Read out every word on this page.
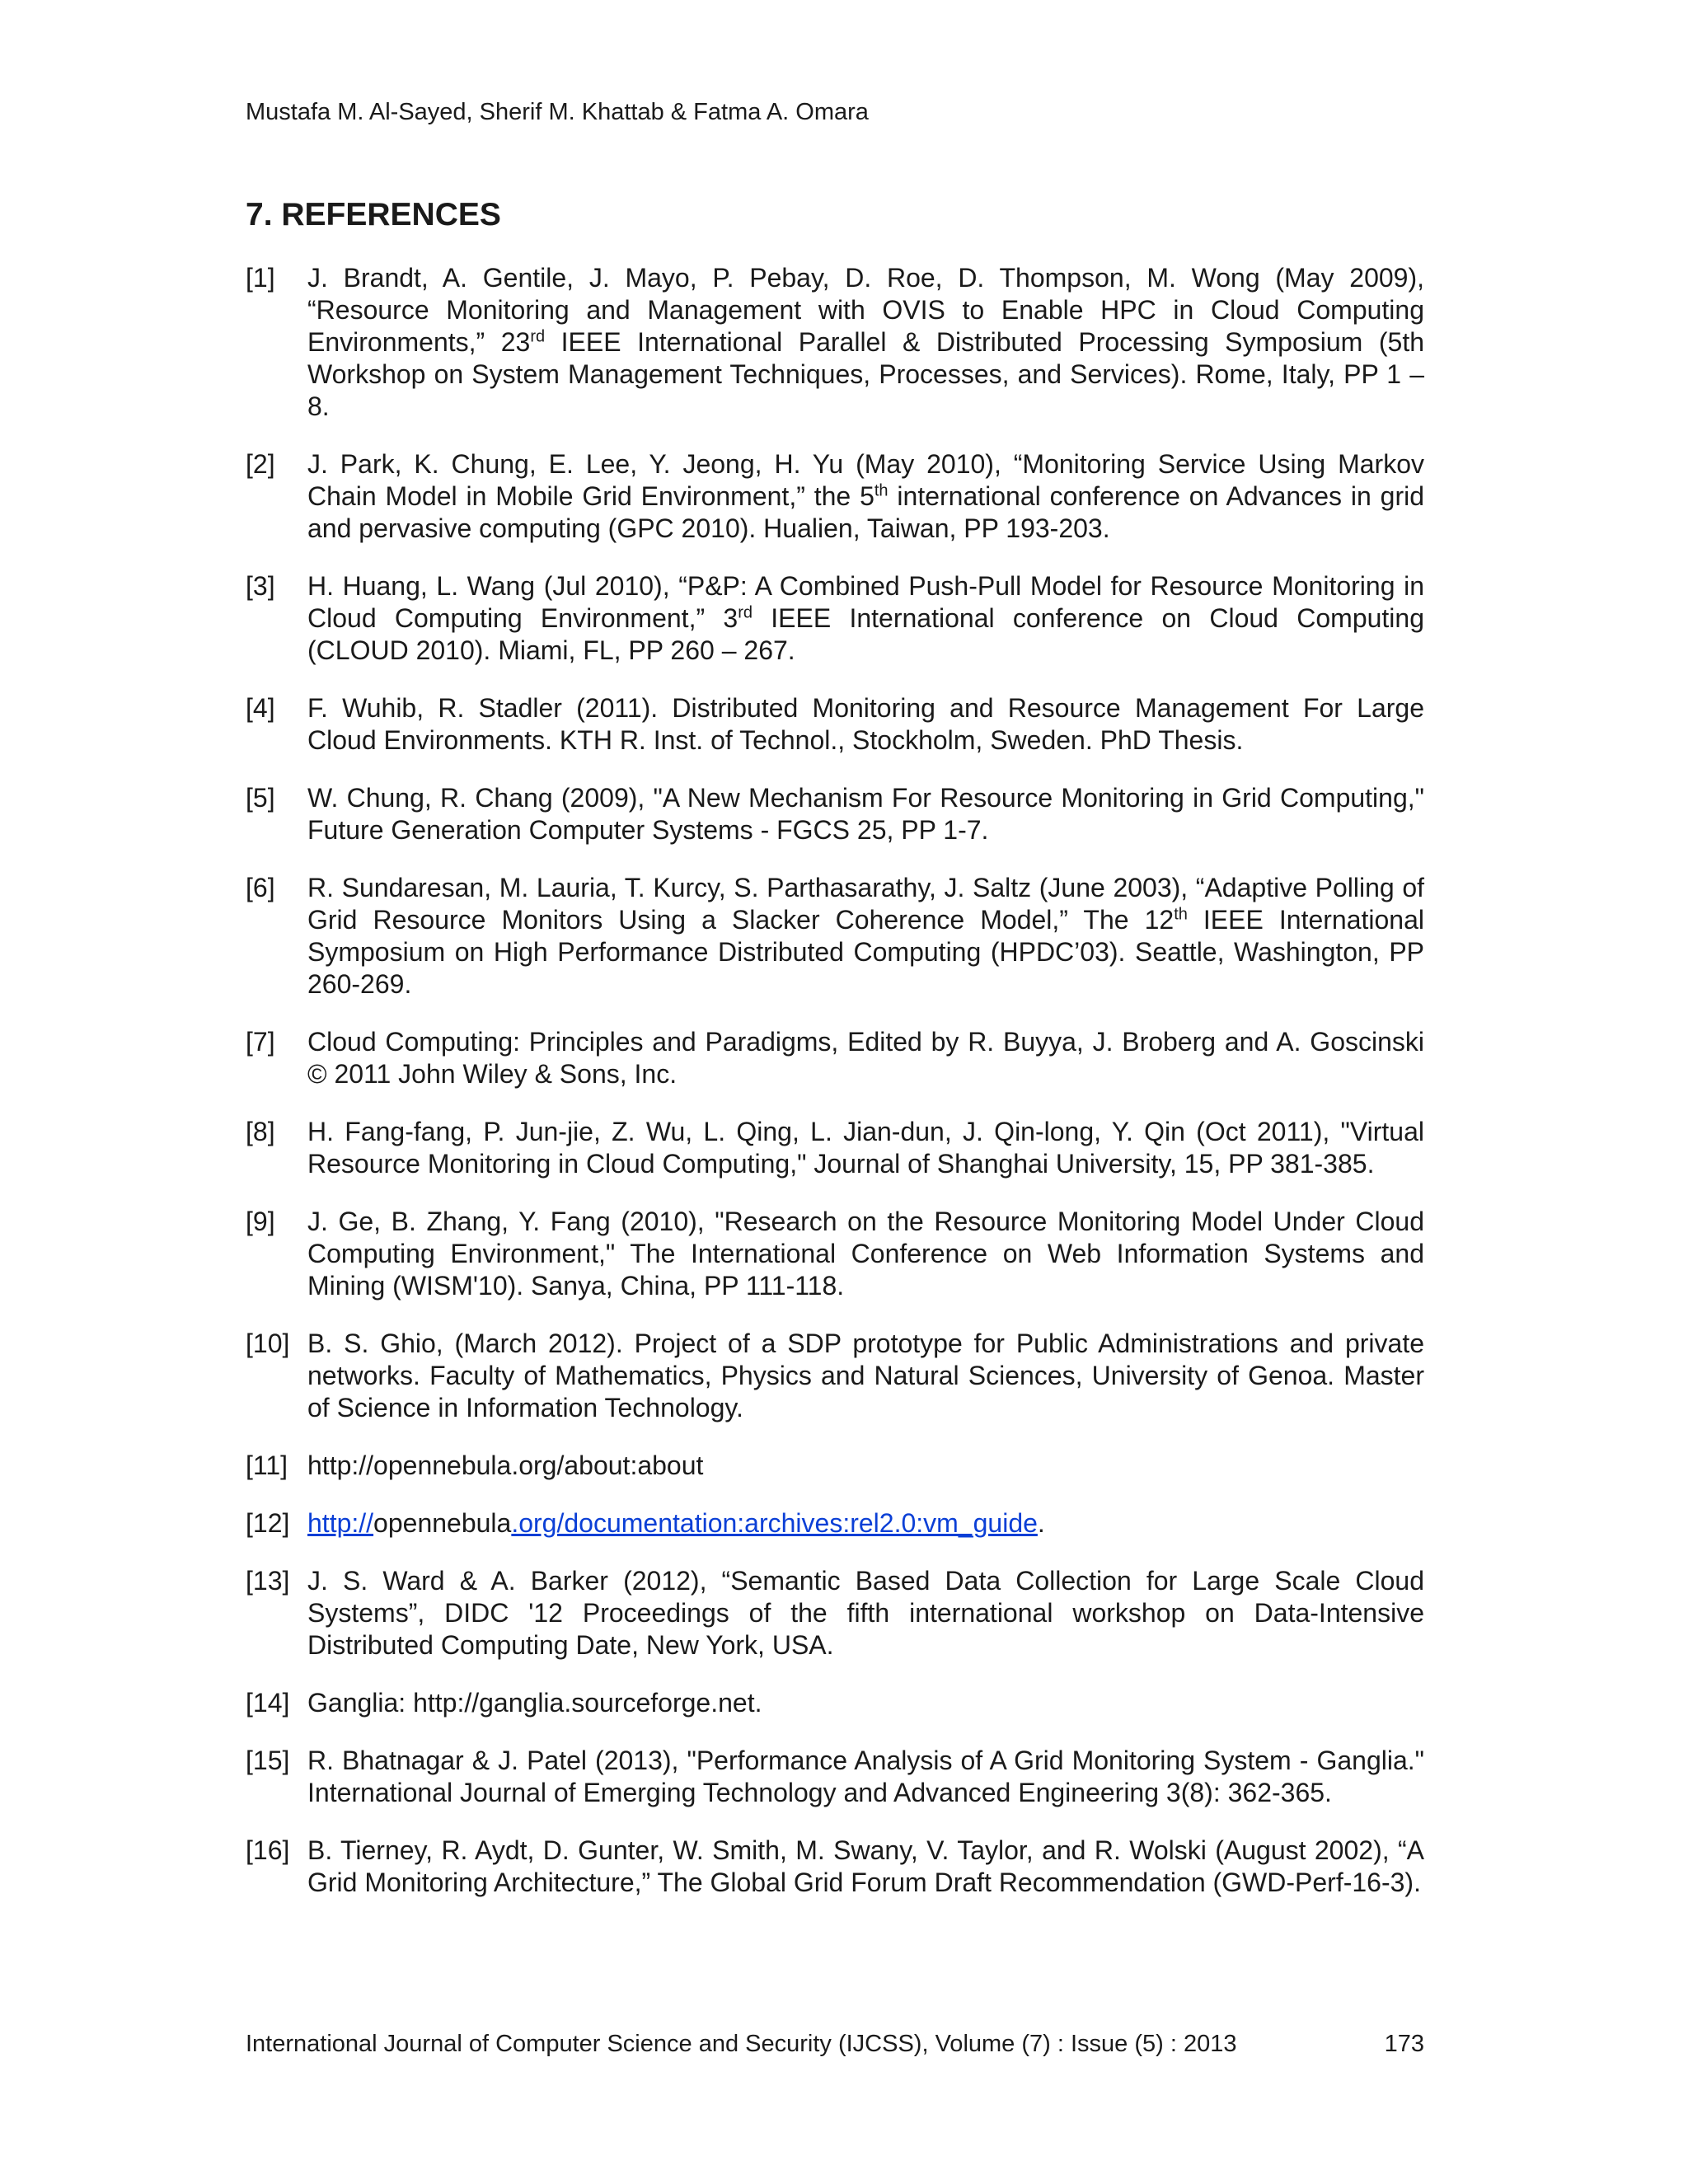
Mustafa M. Al-Sayed, Sherif M. Khattab & Fatma A. Omara
7. REFERENCES
[1] J. Brandt, A. Gentile, J. Mayo, P. Pebay, D. Roe, D. Thompson, M. Wong (May 2009), “Resource Monitoring and Management with OVIS to Enable HPC in Cloud Computing Environments,” 23rd IEEE International Parallel & Distributed Processing Symposium (5th Workshop on System Management Techniques, Processes, and Services). Rome, Italy, PP 1 – 8.
[2] J. Park, K. Chung, E. Lee, Y. Jeong, H. Yu (May 2010), “Monitoring Service Using Markov Chain Model in Mobile Grid Environment,” the 5th international conference on Advances in grid and pervasive computing (GPC 2010). Hualien, Taiwan, PP 193-203.
[3] H. Huang, L. Wang (Jul 2010), “P&P: A Combined Push-Pull Model for Resource Monitoring in Cloud Computing Environment,” 3rd IEEE International conference on Cloud Computing (CLOUD 2010). Miami, FL, PP 260 – 267.
[4] F. Wuhib, R. Stadler (2011). Distributed Monitoring and Resource Management For Large Cloud Environments. KTH R. Inst. of Technol., Stockholm, Sweden. PhD Thesis.
[5] W. Chung, R. Chang (2009), "A New Mechanism For Resource Monitoring in Grid Computing," Future Generation Computer Systems - FGCS 25, PP 1-7.
[6] R. Sundaresan, M. Lauria, T. Kurcy, S. Parthasarathy, J. Saltz (June 2003), “Adaptive Polling of Grid Resource Monitors Using a Slacker Coherence Model,” The 12th IEEE International Symposium on High Performance Distributed Computing (HPDC’03). Seattle, Washington, PP 260-269.
[7] Cloud Computing: Principles and Paradigms, Edited by R. Buyya, J. Broberg and A. Goscinski © 2011 John Wiley & Sons, Inc.
[8] H. Fang-fang, P. Jun-jie, Z. Wu, L. Qing, L. Jian-dun, J. Qin-long, Y. Qin (Oct 2011), "Virtual Resource Monitoring in Cloud Computing," Journal of Shanghai University, 15, PP 381-385.
[9] J. Ge, B. Zhang, Y. Fang (2010), "Research on the Resource Monitoring Model Under Cloud Computing Environment," The International Conference on Web Information Systems and Mining (WISM'10). Sanya, China, PP 111-118.
[10] B. S. Ghio, (March 2012). Project of a SDP prototype for Public Administrations and private networks. Faculty of Mathematics, Physics and Natural Sciences, University of Genoa. Master of Science in Information Technology.
[11] http://opennebula.org/about:about
[12] http://opennebula.org/documentation:archives:rel2.0:vm_guide.
[13] J. S. Ward & A. Barker (2012), “Semantic Based Data Collection for Large Scale Cloud Systems”, DIDC '12 Proceedings of the fifth international workshop on Data-Intensive Distributed Computing Date, New York, USA.
[14] Ganglia: http://ganglia.sourceforge.net.
[15] R. Bhatnagar & J. Patel (2013), "Performance Analysis of A Grid Monitoring System - Ganglia." International Journal of Emerging Technology and Advanced Engineering 3(8): 362-365.
[16] B. Tierney, R. Aydt, D. Gunter, W. Smith, M. Swany, V. Taylor, and R. Wolski (August 2002), “A Grid Monitoring Architecture,” The Global Grid Forum Draft Recommendation (GWD-Perf-16-3).
International Journal of Computer Science and Security (IJCSS), Volume (7) : Issue (5) : 2013	173
